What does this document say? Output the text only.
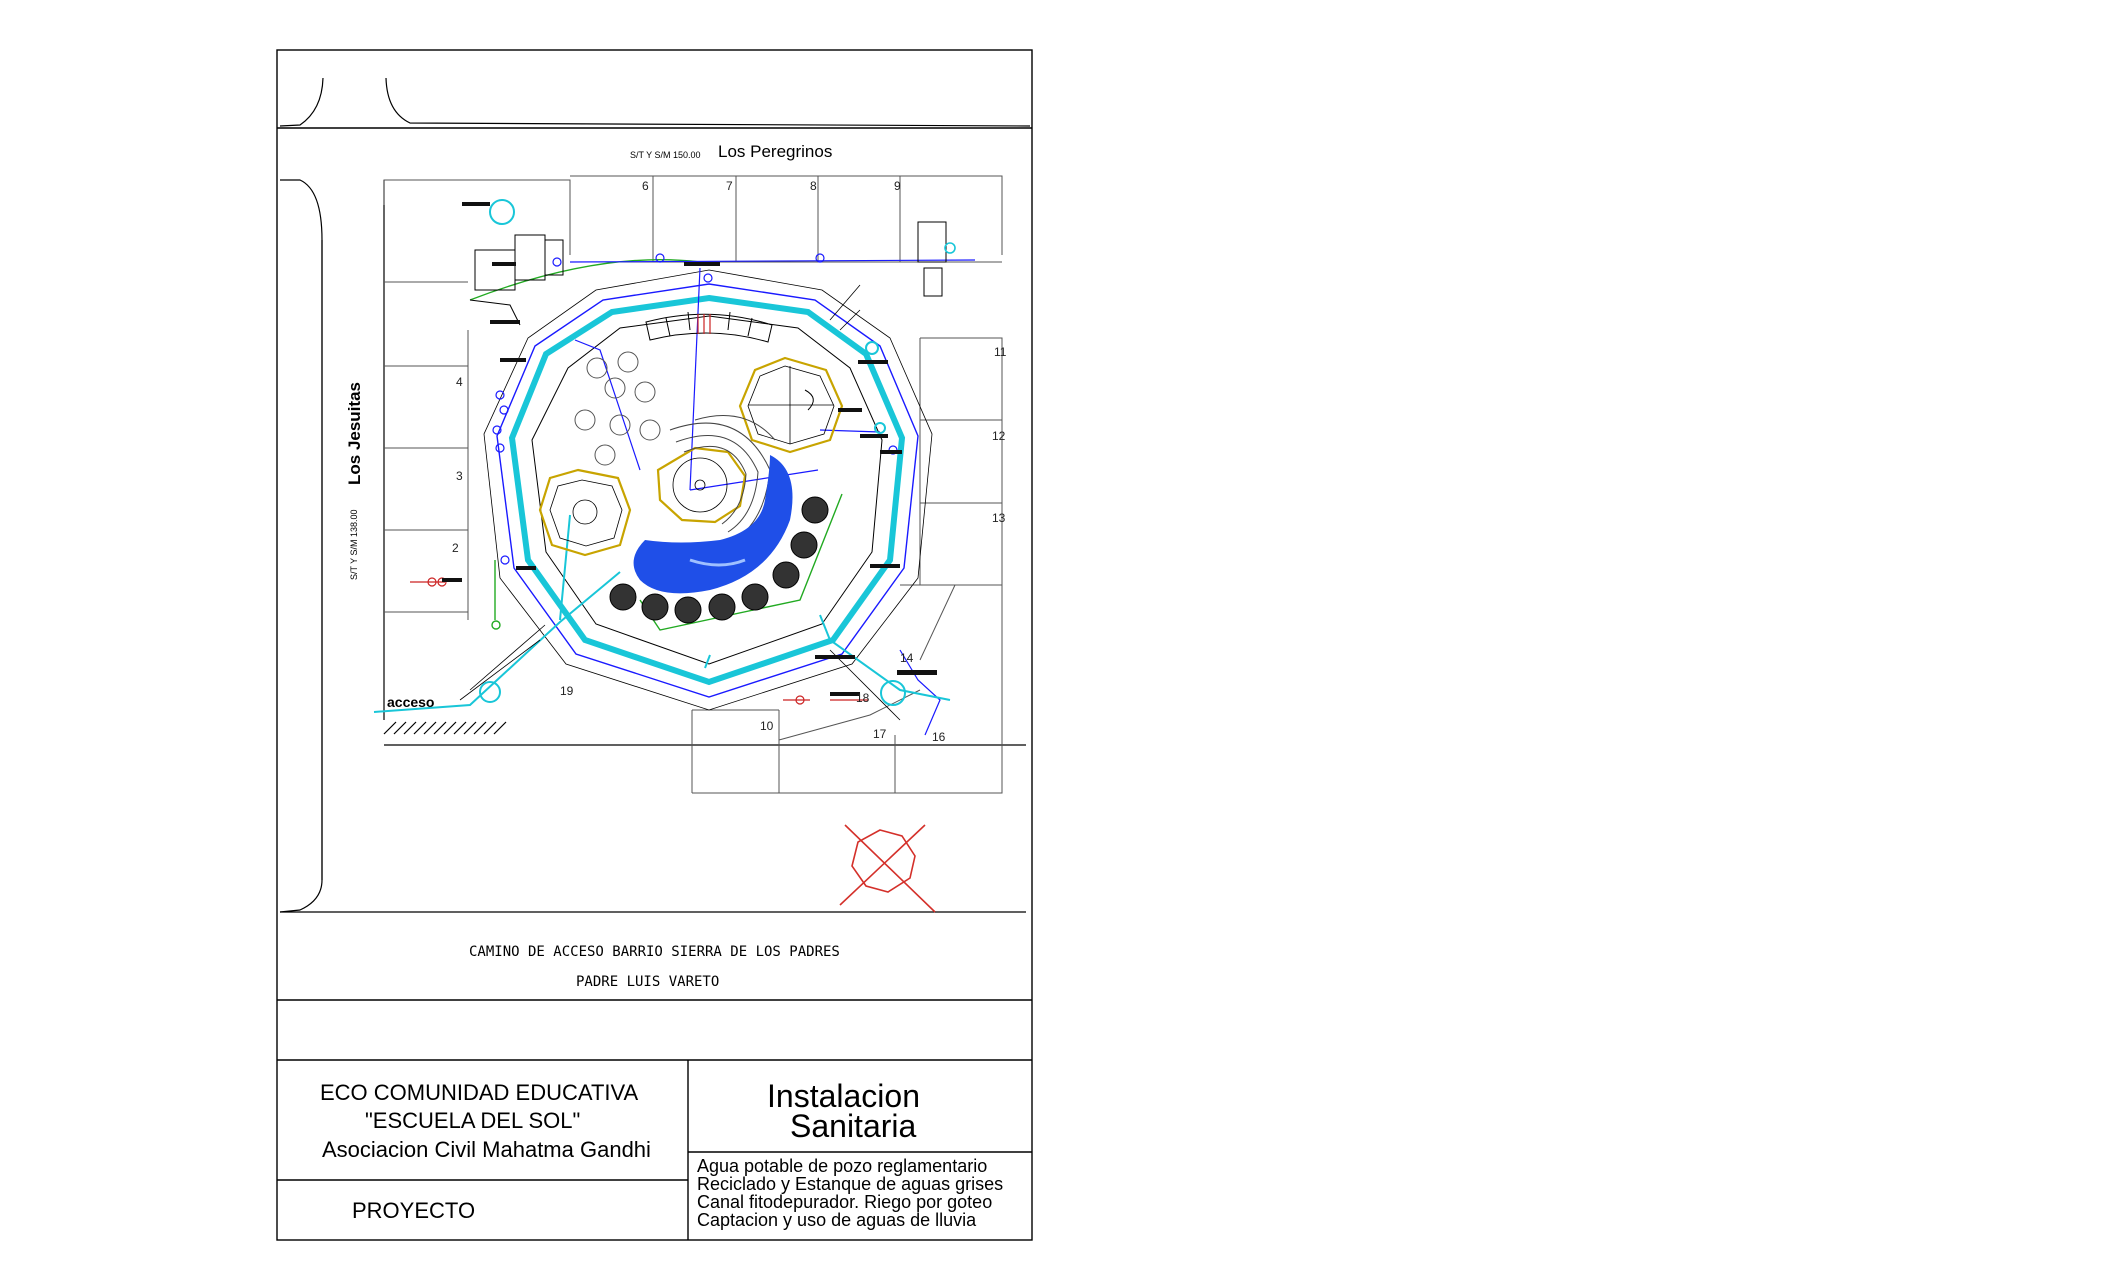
S/T Y S/M 150.00 Los Peregrinos
Los Jesuitas
S/T Y S/M 138.00
acceso
CAMINO DE ACCESO BARRIO SIERRA DE LOS PADRES
PADRE LUIS VARETO
6	7	8	9
11
12
13
4
3
2
19
10
14
18
17	16
ECO COMUNIDAD EDUCATIVA
"ESCUELA DEL SOL"
Asociacion Civil Mahatma Gandhi
PROYECTO
Instalacion
Sanitaria
Agua potable de pozo reglamentario
Reciclado y Estanque de aguas grises
Canal fitodepurador. Riego por goteo
Captacion y uso de aguas de lluvia
